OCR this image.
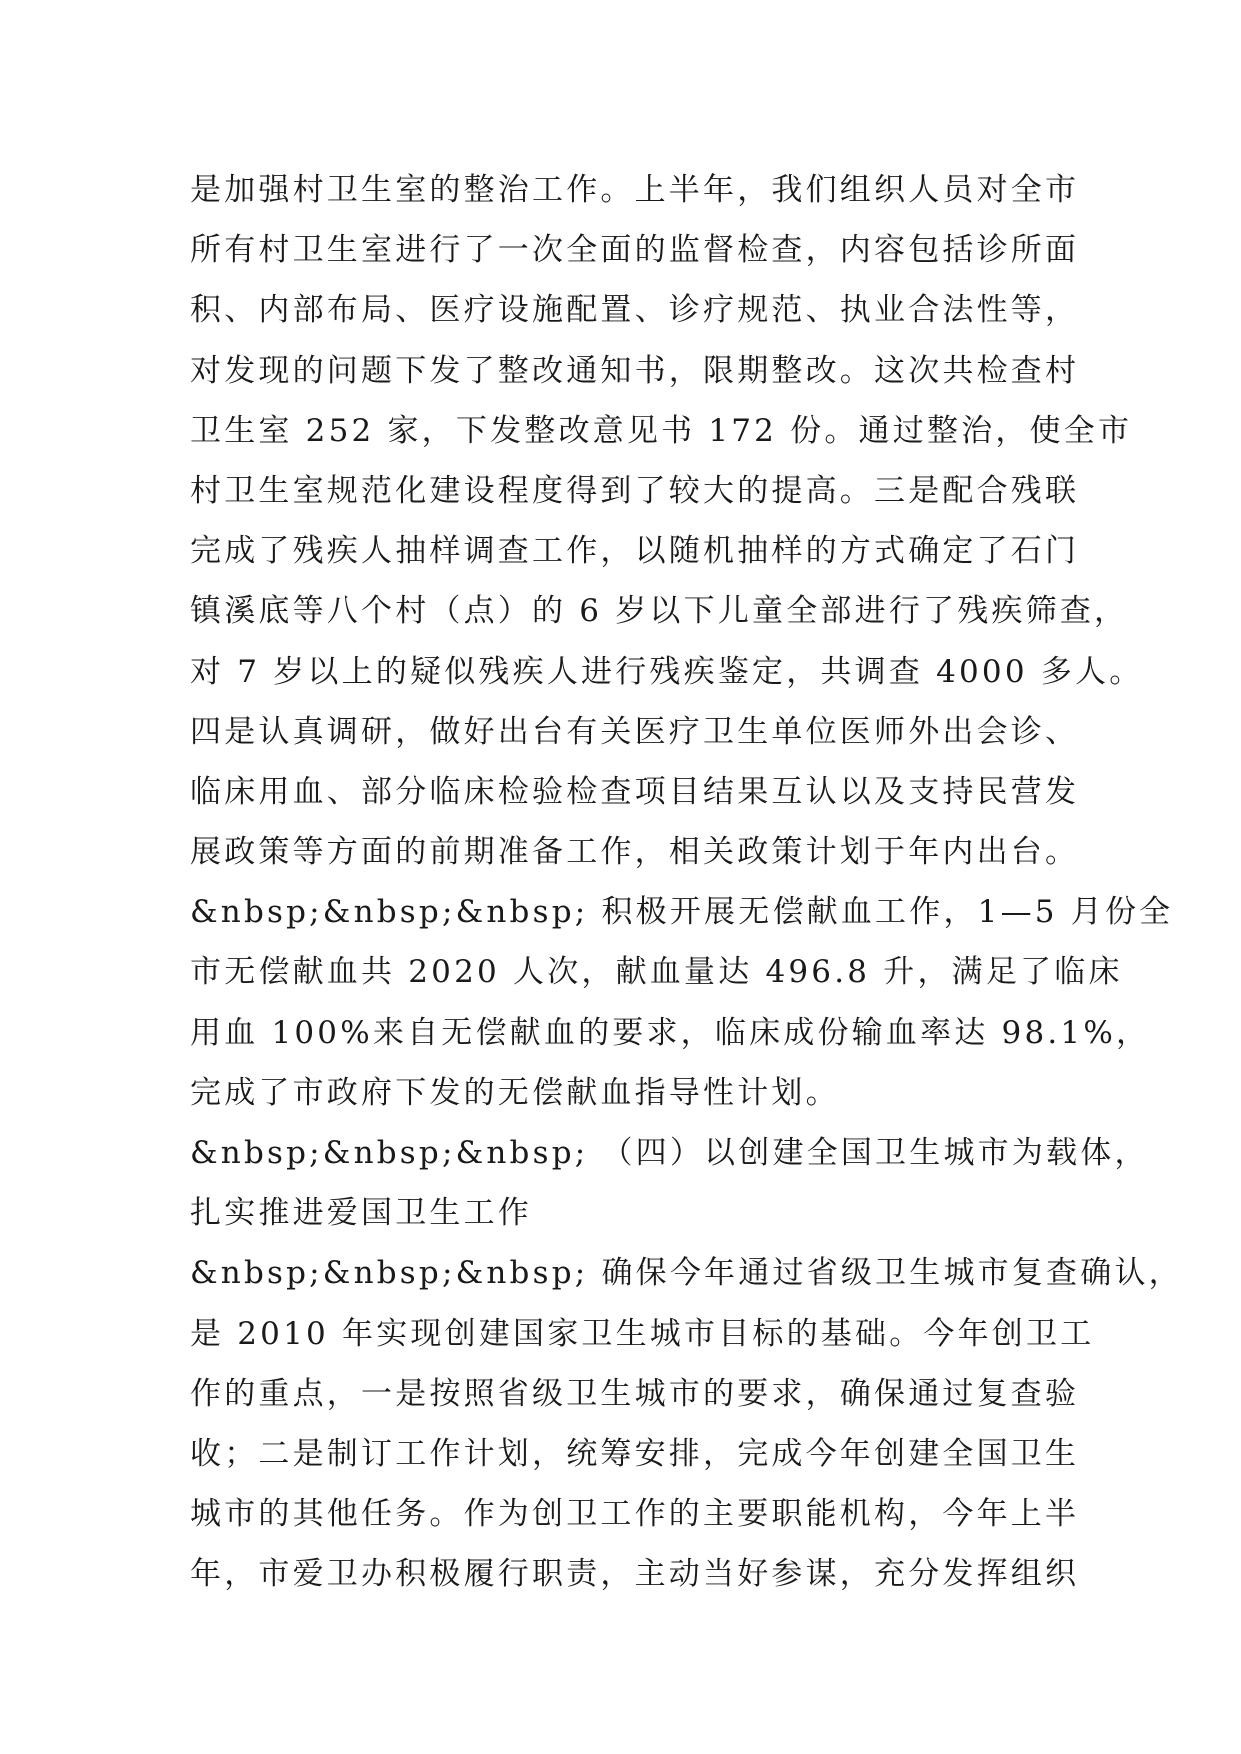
是加强村卫生室的整治工作。上半年，我们组织人员对全市
所有村卫生室进行了一次全面的监督检查，内容包括诊所面
积、内部布局、医疗设施配置、诊疗规范、执业合法性等，
对发现的问题下发了整改通知书，限期整改。这次共检查村
卫生室 252 家，下发整改意见书 172 份。通过整治，使全市
村卫生室规范化建设程度得到了较大的提高。三是配合残联
完成了残疾人抽样调查工作，以随机抽样的方式确定了石门
镇溪底等八个村（点）的 6 岁以下儿童全部进行了残疾筛查，
对 7 岁以上的疑似残疾人进行残疾鉴定，共调查 4000 多人。
四是认真调研，做好出台有关医疗卫生单位医师外出会诊、
临床用血、部分临床检验检查项目结果互认以及支持民营发
展政策等方面的前期准备工作，相关政策计划于年内出台。
&nbsp;&nbsp;&nbsp; 积极开展无偿献血工作，1—5 月份全
市无偿献血共 2020 人次，献血量达 496.8 升，满足了临床
用血 100%来自无偿献血的要求，临床成份输血率达 98.1%，
完成了市政府下发的无偿献血指导性计划。
&nbsp;&nbsp;&nbsp; （四）以创建全国卫生城市为载体，
扎实推进爱国卫生工作
&nbsp;&nbsp;&nbsp; 确保今年通过省级卫生城市复查确认，
是 2010 年实现创建国家卫生城市目标的基础。今年创卫工
作的重点，一是按照省级卫生城市的要求，确保通过复查验
收；二是制订工作计划，统筹安排，完成今年创建全国卫生
城市的其他任务。作为创卫工作的主要职能机构，今年上半
年，市爱卫办积极履行职责，主动当好参谋，充分发挥组织
